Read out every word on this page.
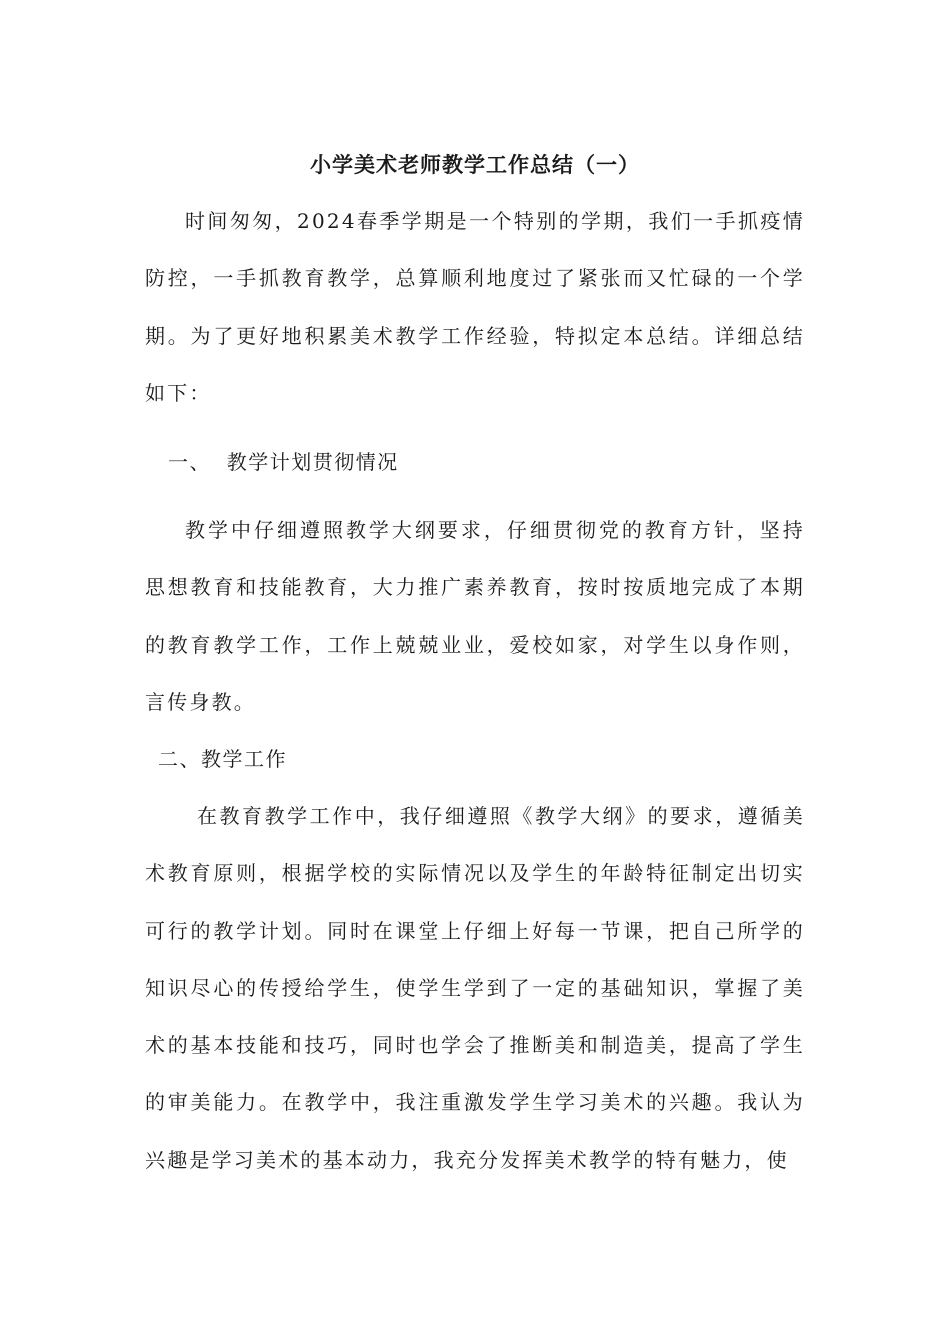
小学美术老师教学工作总结（一）

时间匆匆，2024春季学期是一个特别的学期，我们一手抓疫情防控，一手抓教育教学，总算顺利地度过了紧张而又忙碌的一个学期。为了更好地积累美术教学工作经验，特拟定本总结。详细总结如下：

一、  教学计划贯彻情况

教学中仔细遵照教学大纲要求，仔细贯彻党的教育方针，坚持思想教育和技能教育，大力推广素养教育，按时按质地完成了本期的教育教学工作，工作上兢兢业业，爱校如家，对学生以身作则，言传身教。

二、教学工作

在教育教学工作中，我仔细遵照《教学大纲》的要求，遵循美术教育原则，根据学校的实际情况以及学生的年龄特征制定出切实可行的教学计划。同时在课堂上仔细上好每一节课，把自己所学的知识尽心的传授给学生，使学生学到了一定的基础知识，掌握了美术的基本技能和技巧，同时也学会了推断美和制造美，提高了学生的审美能力。在教学中，我注重激发学生学习美术的兴趣。我认为兴趣是学习美术的基本动力，我充分发挥美术教学的特有魅力，使
